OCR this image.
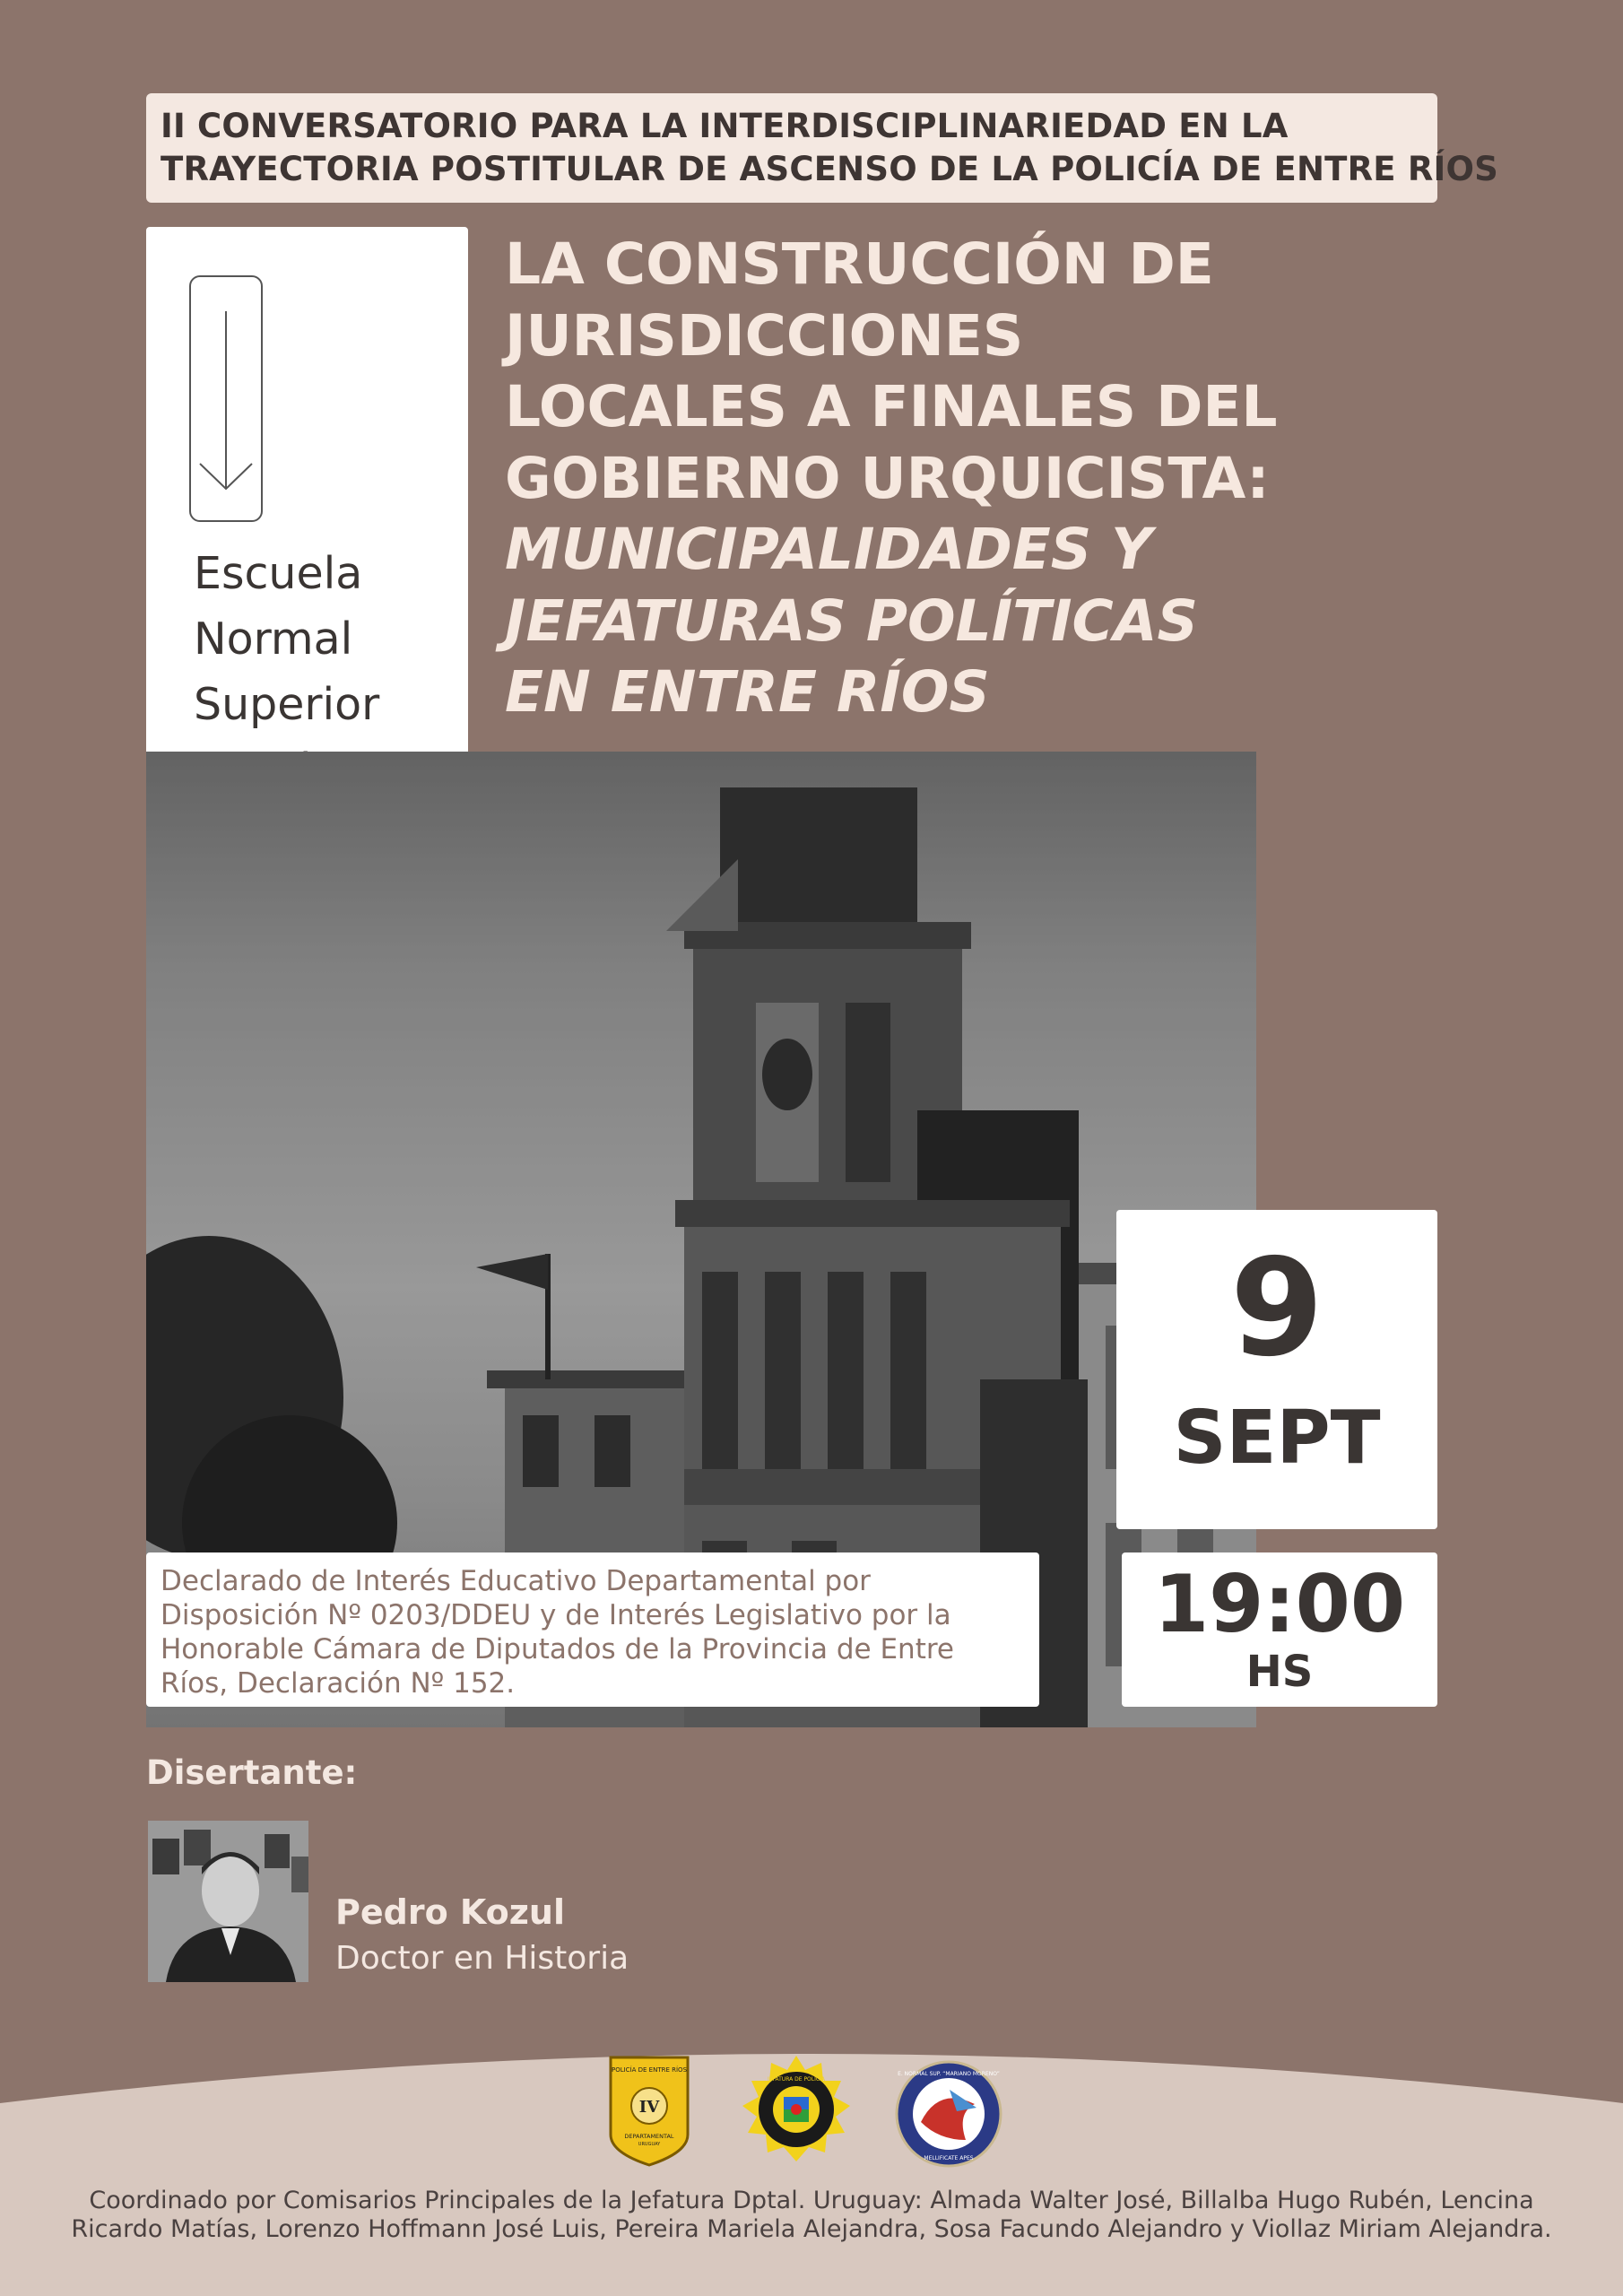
II CONVERSATORIO PARA LA INTERDISCIPLINARIEDAD EN LA
TRAYECTORIA POSTITULAR DE ASCENSO DE LA POLICÍA DE ENTRE RÍOS
Escuela
Normal
Superior
LA CONSTRUCCIÓN DE
JURISDICCIONES
LOCALES A FINALES DEL
GOBIERNO URQUICISTA:
MUNICIPALIDADES Y
JEFATURAS POLÍTICAS
EN ENTRE RÍOS
9
SEPT
Declarado de Interés Educativo Departamental por
Disposición Nº 0203/DDEU y de Interés Legislativo por la
Honorable Cámara de Diputados de la Provincia de Entre
Ríos, Declaración Nº 152.
19:00
HS
Disertante:
Pedro Kozul
Doctor en Historia
POLICÍA DE ENTRE RÍOS
IV
DEPARTAMENTAL
URUGUAY
JEFATURA DE POLICÍA
E. NORMAL SUP. “MARIANO MORENO”
MELLIFICATE APES
Coordinado por Comisarios Principales de la Jefatura Dptal. Uruguay: Almada Walter José, Billalba Hugo Rubén, Lencina
Ricardo Matías, Lorenzo Hoffmann José Luis, Pereira Mariela Alejandra, Sosa Facundo Alejandro y Viollaz Miriam Alejandra.
